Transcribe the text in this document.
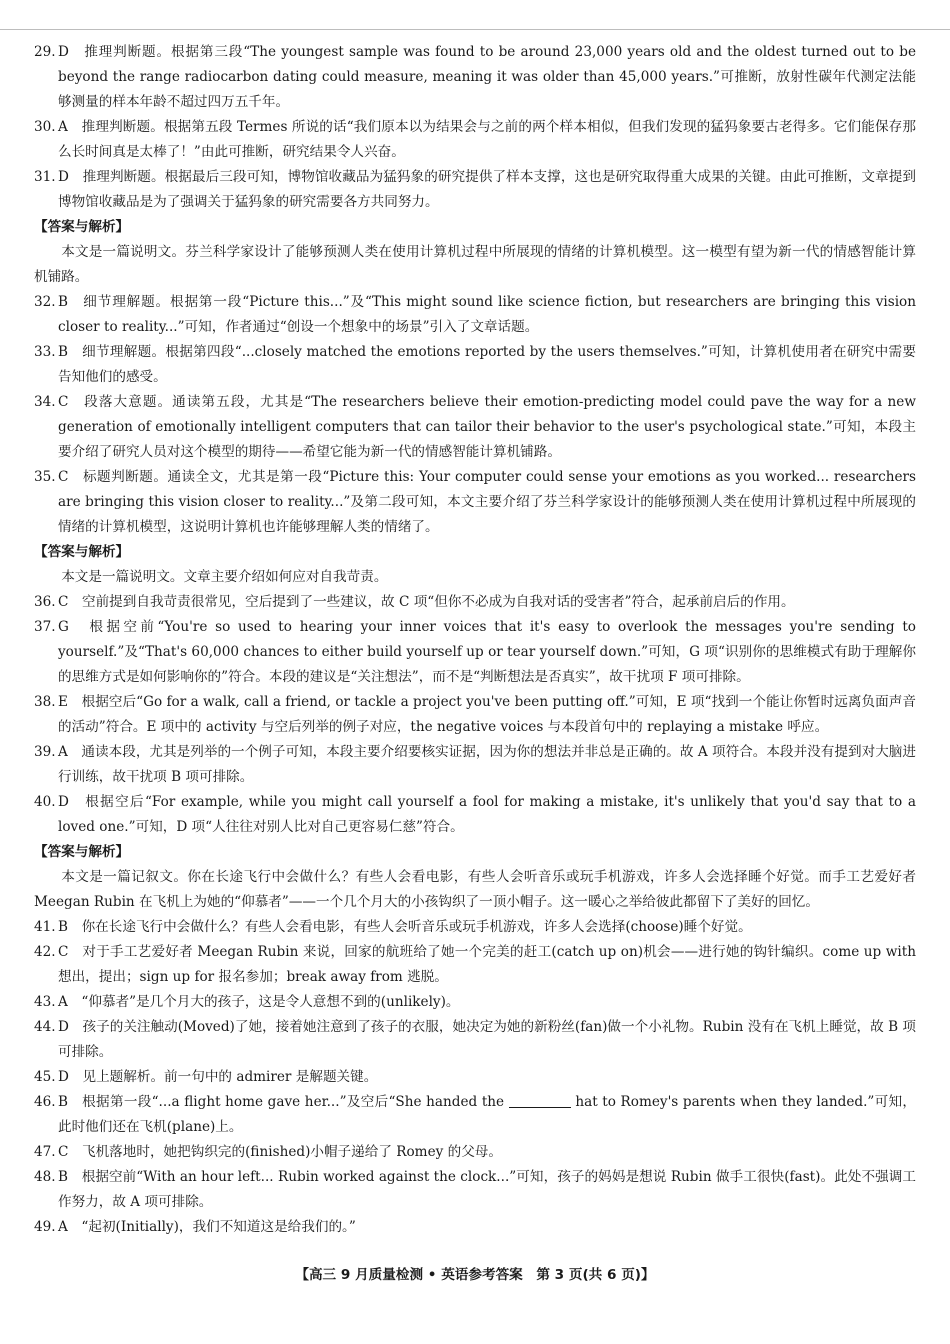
29. D　推理判断题。根据第三段“The youngest sample was found to be around 23,000 years old and the oldest turned out to be beyond the range radiocarbon dating could measure, meaning it was older than 45,000 years.”可推断，放射性碳年代测定法能够测量的样本年龄不超过四万五千年。
30. A　推理判断题。根据第五段 Termes 所说的话“我们原本以为结果会与之前的两个样本相似，但我们发现的猛犸象要古老得多。它们能保存那么长时间真是太棒了！”由此可推断，研究结果令人兴奋。
31. D　推理判断题。根据最后三段可知，博物馆收藏品为猛犸象的研究提供了样本支撑，这也是研究取得重大成果的关键。由此可推断，文章提到博物馆收藏品是为了强调关于猛犸象的研究需要各方共同努力。
【答案与解析】
本文是一篇说明文。芬兰科学家设计了能够预测人类在使用计算机过程中所展现的情绪的计算机模型。这一模型有望为新一代的情感智能计算机铺路。
32. B　细节理解题。根据第一段“Picture this...”及“This might sound like science fiction, but researchers are bringing this vision closer to reality...”可知，作者通过“创设一个想象中的场景”引入了文章话题。
33. B　细节理解题。根据第四段“...closely matched the emotions reported by the users themselves.”可知，计算机使用者在研究中需要告知他们的感受。
34. C　段落大意题。通读第五段，尤其是“The researchers believe their emotion-predicting model could pave the way for a new generation of emotionally intelligent computers that can tailor their behavior to the user's psychological state.”可知，本段主要介绍了研究人员对这个模型的期待——希望它能为新一代的情感智能计算机铺路。
35. C　标题判断题。通读全文，尤其是第一段“Picture this: Your computer could sense your emotions as you worked... researchers are bringing this vision closer to reality...”及第二段可知，本文主要介绍了芬兰科学家设计的能够预测人类在使用计算机过程中所展现的情绪的计算机模型，这说明计算机也许能够理解人类的情绪了。
【答案与解析】
本文是一篇说明文。文章主要介绍如何应对自我苛责。
36. C　空前提到自我苛责很常见，空后提到了一些建议，故 C 项“但你不必成为自我对话的受害者”符合，起承前启后的作用。
37. G　根据空前“You're so used to hearing your inner voices that it's easy to overlook the messages you're sending to yourself.”及“That's 60,000 chances to either build yourself up or tear yourself down.”可知，G 项“识别你的思维模式有助于理解你的思维方式是如何影响你的”符合。本段的建议是“关注想法”，而不是“判断想法是否真实”，故干扰项 F 项可排除。
38. E　根据空后“Go for a walk, call a friend, or tackle a project you've been putting off.”可知，E 项“找到一个能让你暂时远离负面声音的活动”符合。E 项中的 activity 与空后列举的例子对应，the negative voices 与本段首句中的 replaying a mistake 呼应。
39. A　通读本段，尤其是列举的一个例子可知，本段主要介绍要核实证据，因为你的想法并非总是正确的。故 A 项符合。本段并没有提到对大脑进行训练，故干扰项 B 项可排除。
40. D　根据空后“For example, while you might call yourself a fool for making a mistake, it's unlikely that you'd say that to a loved one.”可知，D 项“人往往对别人比对自己更容易仁慈”符合。
【答案与解析】
本文是一篇记叙文。你在长途飞行中会做什么？有些人会看电影，有些人会听音乐或玩手机游戏，许多人会选择睡个好觉。而手工艺爱好者 Meegan Rubin 在飞机上为她的“仰慕者”——一个几个月大的小孩钩织了一顶小帽子。这一暖心之举给彼此都留下了美好的回忆。
41. B　你在长途飞行中会做什么？有些人会看电影，有些人会听音乐或玩手机游戏，许多人会选择(choose)睡个好觉。
42. C　对于手工艺爱好者 Meegan Rubin 来说，回家的航班给了她一个完美的赶工(catch up on)机会——进行她的钩针编织。come up with 想出，提出；sign up for 报名参加；break away from 逃脱。
43. A　“仰慕者”是几个月大的孩子，这是令人意想不到的(unlikely)。
44. D　孩子的关注触动(Moved)了她，接着她注意到了孩子的衣服，她决定为她的新粉丝(fan)做一个小礼物。Rubin 没有在飞机上睡觉，故 B 项可排除。
45. D　见上题解析。前一句中的 admirer 是解题关键。
46. B　根据第一段“...a flight home gave her...”及空后“She handed the	hat to Romey's parents when they landed.”可知，此时他们还在飞机(plane)上。
47. C　飞机落地时，她把钩织完的(finished)小帽子递给了 Romey 的父母。
48. B　根据空前“With an hour left... Rubin worked against the clock...”可知，孩子的妈妈是想说 Rubin 做手工很快(fast)。此处不强调工作努力，故 A 项可排除。
49. A　“起初(Initially)，我们不知道这是给我们的。”
【高三 9 月质量检测 • 英语参考答案　第 3 页(共 6 页)】
